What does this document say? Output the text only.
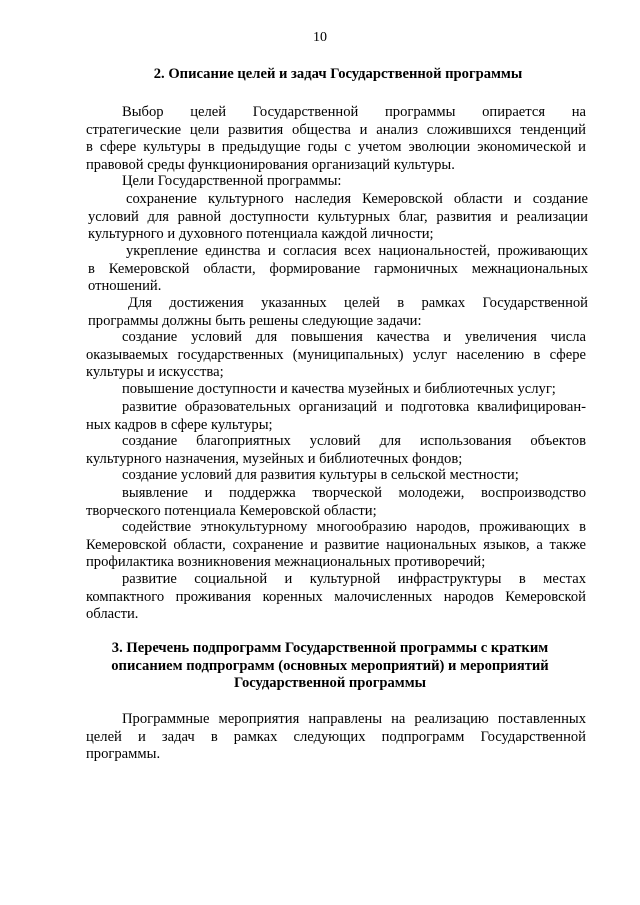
10
2. Описание целей и задач Государственной программы
Выбор целей Государственной программы опирается на
стратегические цели развития общества и анализ сложившихся тенденций
в сфере культуры в предыдущие годы с учетом эволюции экономической и
правовой среды функционирования организаций культуры.
Цели Государственной программы:
сохранение культурного наследия Кемеровской области и создание
условий для равной доступности культурных благ, развития и реализации
культурного и духовного потенциала каждой личности;
укрепление единства и согласия всех национальностей, проживающих
в Кемеровской области, формирование гармоничных межнациональных
отношений.
Для достижения указанных целей в рамках Государственной
программы должны быть решены следующие задачи:
создание условий для повышения качества и увеличения числа
оказываемых государственных (муниципальных) услуг населению в сфере
культуры и искусства;
повышение доступности и качества музейных и библиотечных услуг;
развитие образовательных организаций и подготовка квалифицирован-
ных кадров в сфере культуры;
создание благоприятных условий для использования объектов
культурного назначения, музейных и библиотечных фондов;
создание условий для развития культуры в сельской местности;
выявление и поддержка творческой молодежи, воспроизводство
творческого потенциала Кемеровской области;
содействие этнокультурному многообразию народов, проживающих в
Кемеровской области, сохранение и развитие национальных языков, а также
профилактика возникновения межнациональных противоречий;
развитие социальной и культурной инфраструктуры в местах
компактного проживания коренных малочисленных народов Кемеровской
области.
3. Перечень подпрограмм Государственной программы с кратким
описанием подпрограмм (основных мероприятий) и мероприятий
Государственной программы
Программные мероприятия направлены на реализацию поставленных
целей и задач в рамках следующих подпрограмм Государственной
программы.
